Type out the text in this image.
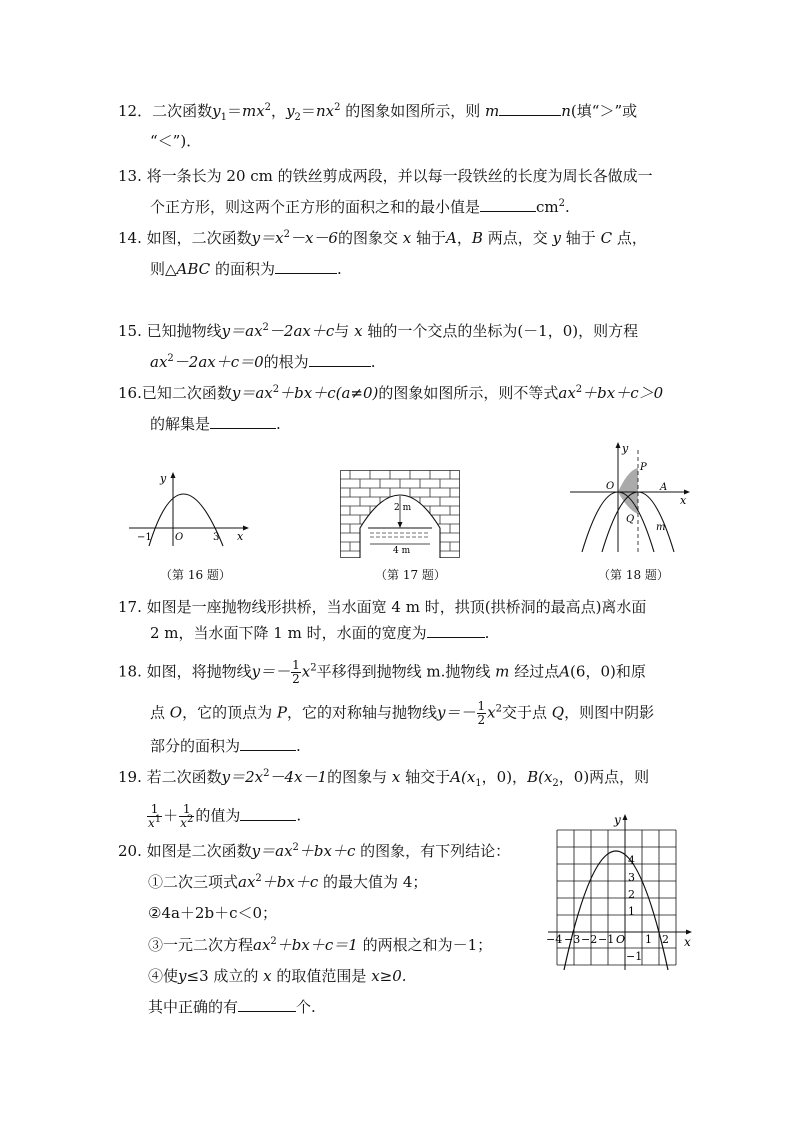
12．二次函数$y_1=mx^2$，$y_2=nx^2$ 的图象如图所示，则 m	n(填“＞”或
“＜”)．
13. 将一条长为 20 cm 的铁丝剪成两段，并以每一段铁丝的长度为周长各做成一
个正方形，则这两个正方形的面积之和的最小值是	$cm^2$.
14. 如图，二次函数$y=x^2-x-6$的图象交 x 轴于A，B 两点，交 y 轴于 C 点，
则△ABC 的面积为	.
15. 已知抛物线$y=ax^2-2ax+c$与 x 轴的一个交点的坐标为(－1，0)，则方程
$ax^2-2ax+c=0$的根为	.
16.已知二次函数$y=ax^2+bx+c(a\ne 0)$的图象如图所示，则不等式$ax^2+bx+c>0$
的解集是	.
y
x
O
−1	3
（第 16 题）
2 m
4 m
（第 17 题）
y
x
O
P
A
Q
m
（第 18 题）
17. 如图是一座抛物线形拱桥，当水面宽 4 m 时，拱顶(拱桥洞的最高点)离水面
2 m，当水面下降 1 m 时，水面的宽度为	.
18. 如图，将抛物线$y=- \frac{1}{2} x^2$平移得到抛物线 m.抛物线 m 经过点A(6，0)和原
点 O，它的顶点为 P，它的对称轴与抛物线$y=- \frac{1}{2} x^2$交于点 Q，则图中阴影
部分的面积为	.
19. 若二次函数$y=2x^2-4x-1$的图象与 x 轴交于$A(x_1$，0)，$B(x_2$，0)两点，则
$\frac{1}{x^1} + \frac{1}{x^2}$ 的值为	.
20. 如图是二次函数$y=ax^2+bx+c$ 的图象，有下列结论：
①二次三项式$ax^2+bx+c$ 的最大值为 4；
②4a＋2b＋c＜0；
③一元二次方程$ax^2+bx+c=1$ 的两根之和为－1；
④使y≤3 成立的 x 的取值范围是 x≥0.
其中正确的有	个.
y
x
−4 −3 −2 −1 O 1 2
4
3
2
1
−1
